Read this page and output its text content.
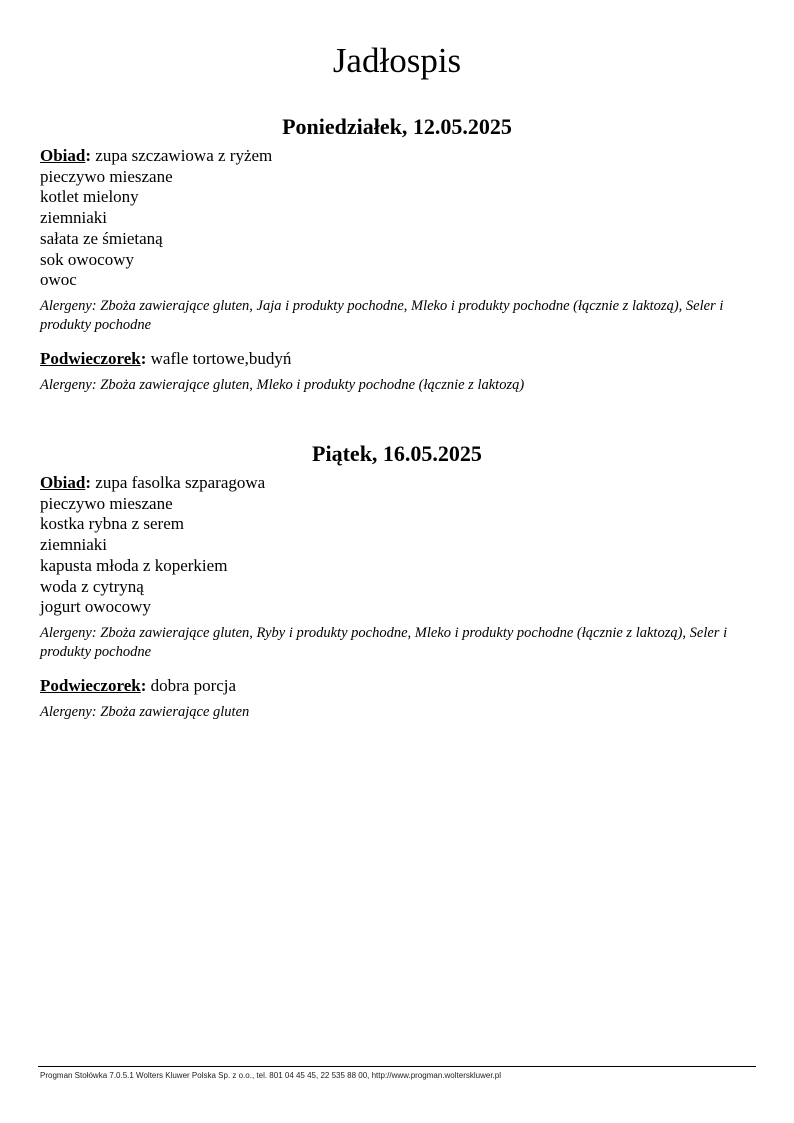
Jadłospis
Poniedziałek, 12.05.2025

Obiad: zupa szczawiowa z ryżem

pieczywo mieszane

kotlet mielony

ziemniaki

sałata ze śmietaną

sok owocowy

owoc

Alergeny: Zboża zawierające gluten, Jaja i produkty pochodne, Mleko i produkty pochodne (łącznie z laktozą), Seler i produkty pochodne

Podwieczorek: wafle tortowe,budyń

Alergeny: Zboża zawierające gluten, Mleko i produkty pochodne (łącznie z laktozą)

Piątek, 16.05.2025

Obiad: zupa fasolka szparagowa

pieczywo mieszane

kostka rybna z serem

ziemniaki

kapusta młoda z koperkiem

woda z cytryną

jogurt owocowy

Alergeny: Zboża zawierające gluten, Ryby i produkty pochodne, Mleko i produkty pochodne (łącznie z laktozą), Seler i produkty pochodne

Podwieczorek: dobra porcja

Alergeny: Zboża zawierające gluten

Progman Stołówka 7.0.5.1 Wolters Kluwer Polska Sp. z o.o., tel. 801 04 45 45, 22 535 88 00, http://www.progman.wolterskluwer.pl
